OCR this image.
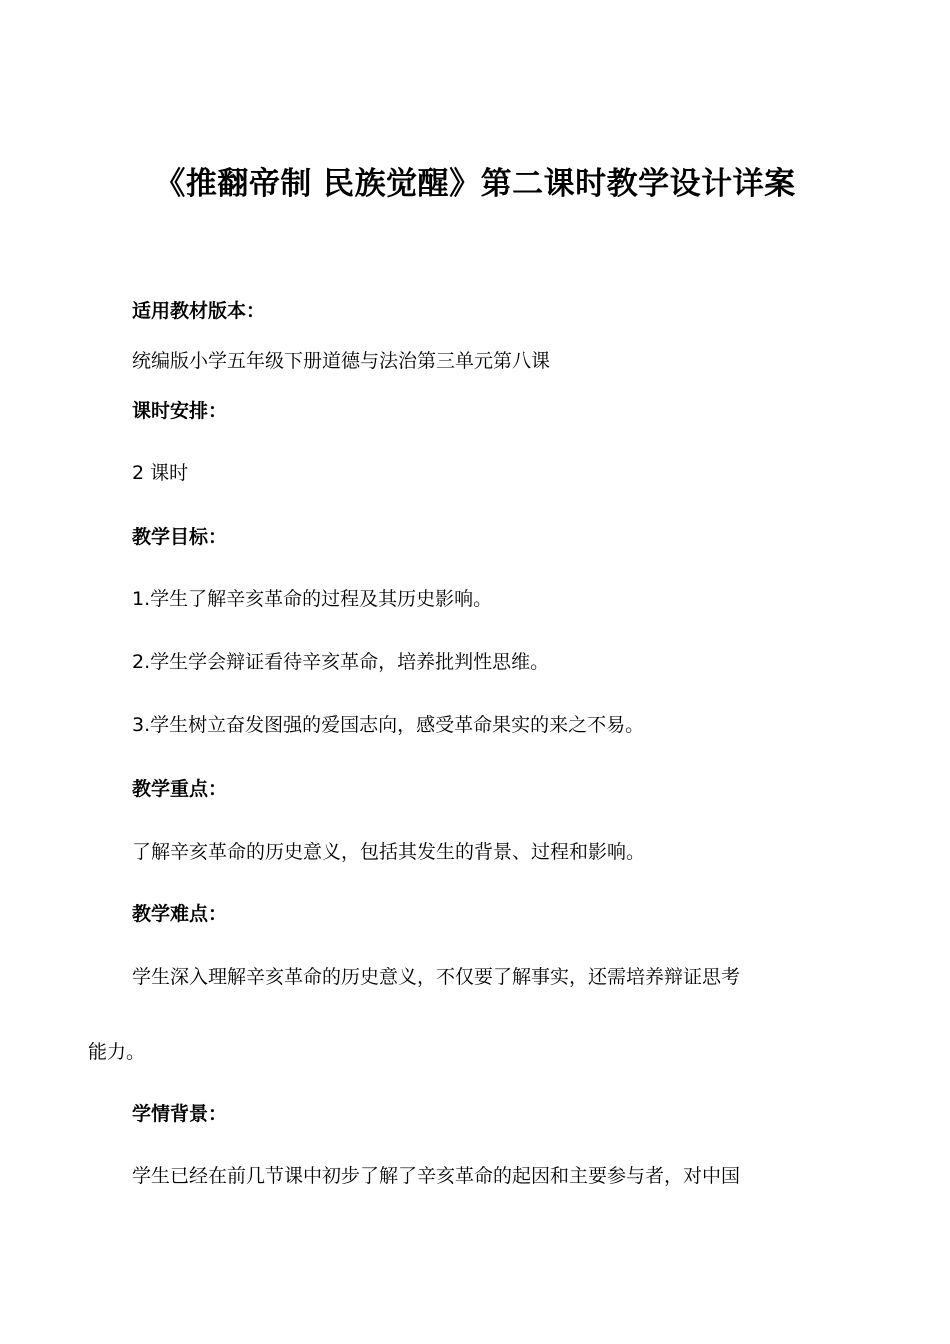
《推翻帝制 民族觉醒》第二课时教学设计详案
适用教材版本：
统编版小学五年级下册道德与法治第三单元第八课
课时安排：
2 课时
教学目标：
1.学生了解辛亥革命的过程及其历史影响。
2.学生学会辩证看待辛亥革命，培养批判性思维。
3.学生树立奋发图强的爱国志向，感受革命果实的来之不易。
教学重点：
了解辛亥革命的历史意义，包括其发生的背景、过程和影响。
教学难点：
学生深入理解辛亥革命的历史意义，不仅要了解事实，还需培养辩证思考
能力。
学情背景：
学生已经在前几节课中初步了解了辛亥革命的起因和主要参与者，对中国
